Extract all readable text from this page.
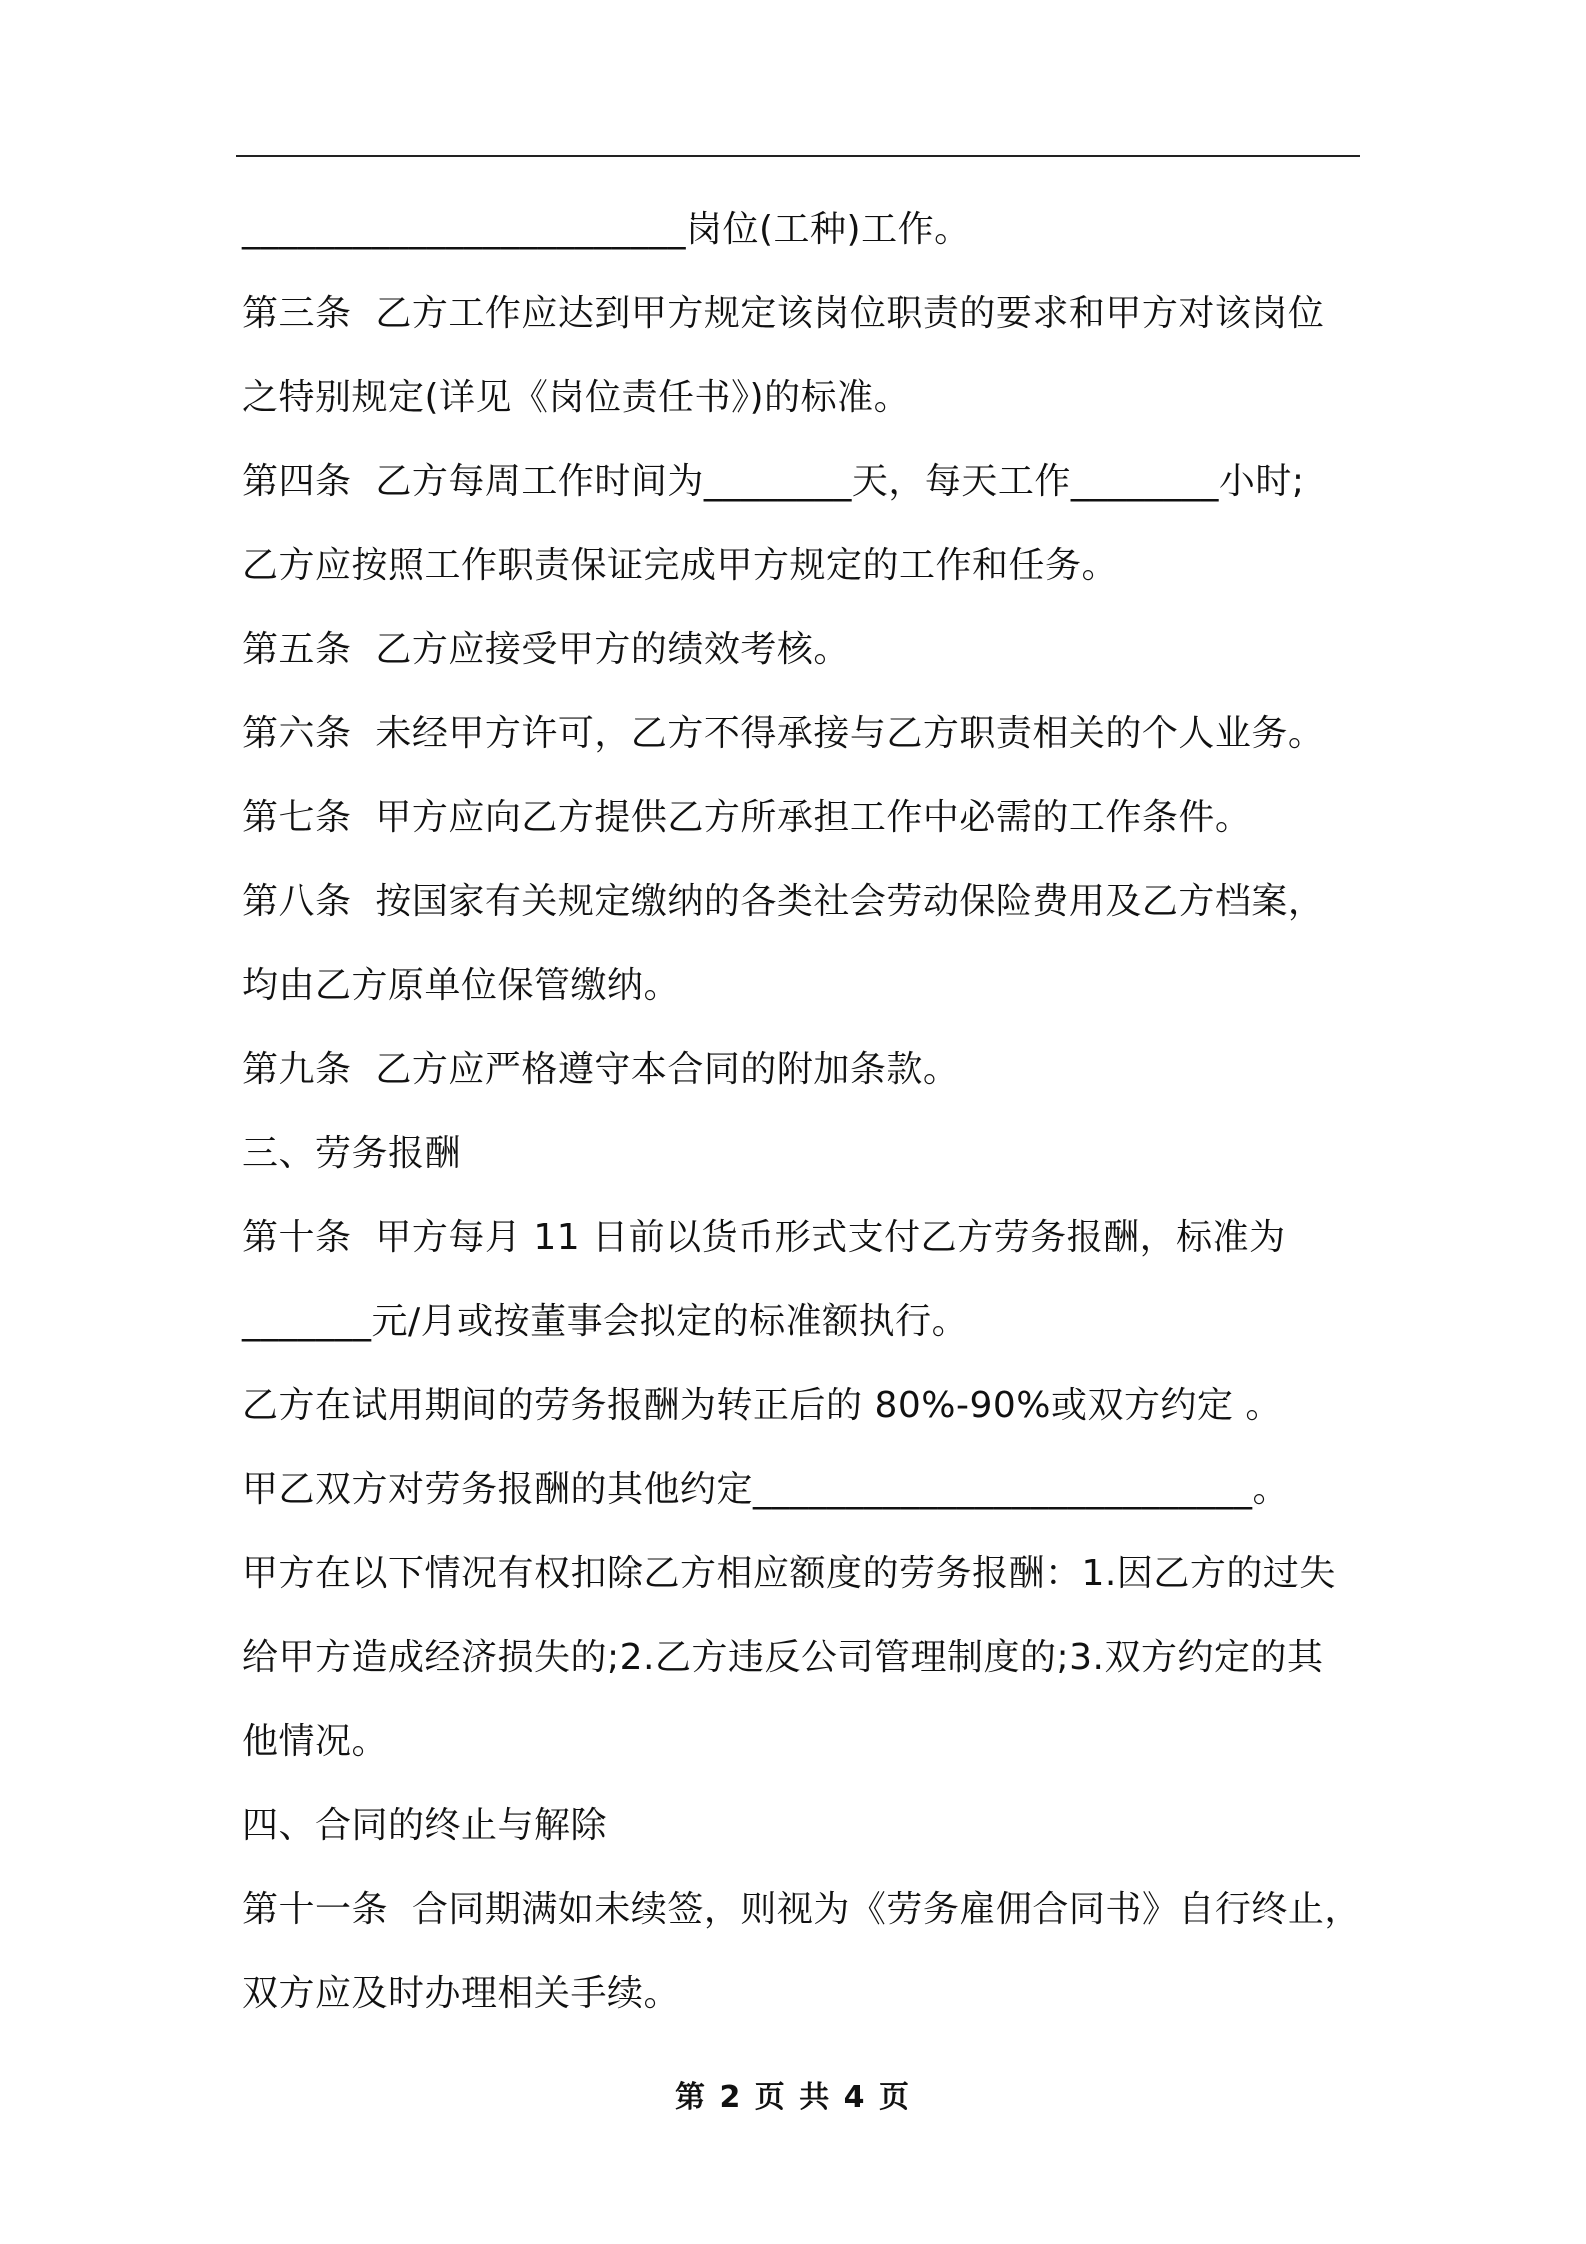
________________________岗位(工种)工作。
第三条  乙方工作应达到甲方规定该岗位职责的要求和甲方对该岗位
之特别规定(详见《岗位责任书》)的标准。
第四条  乙方每周工作时间为________天，每天工作________小时;
乙方应按照工作职责保证完成甲方规定的工作和任务。
第五条  乙方应接受甲方的绩效考核。
第六条  未经甲方许可，乙方不得承接与乙方职责相关的个人业务。
第七条  甲方应向乙方提供乙方所承担工作中必需的工作条件。
第八条  按国家有关规定缴纳的各类社会劳动保险费用及乙方档案，
均由乙方原单位保管缴纳。
第九条  乙方应严格遵守本合同的附加条款。
三、劳务报酬
第十条  甲方每月 11 日前以货币形式支付乙方劳务报酬，标准为
_______元/月或按董事会拟定的标准额执行。
乙方在试用期间的劳务报酬为转正后的 80%-90%或双方约定 。
甲乙双方对劳务报酬的其他约定___________________________。
甲方在以下情况有权扣除乙方相应额度的劳务报酬：1.因乙方的过失
给甲方造成经济损失的;2.乙方违反公司管理制度的;3.双方约定的其
他情况。
四、合同的终止与解除
第十一条  合同期满如未续签，则视为《劳务雇佣合同书》自行终止，
双方应及时办理相关手续。
第 2 页 共 4 页
